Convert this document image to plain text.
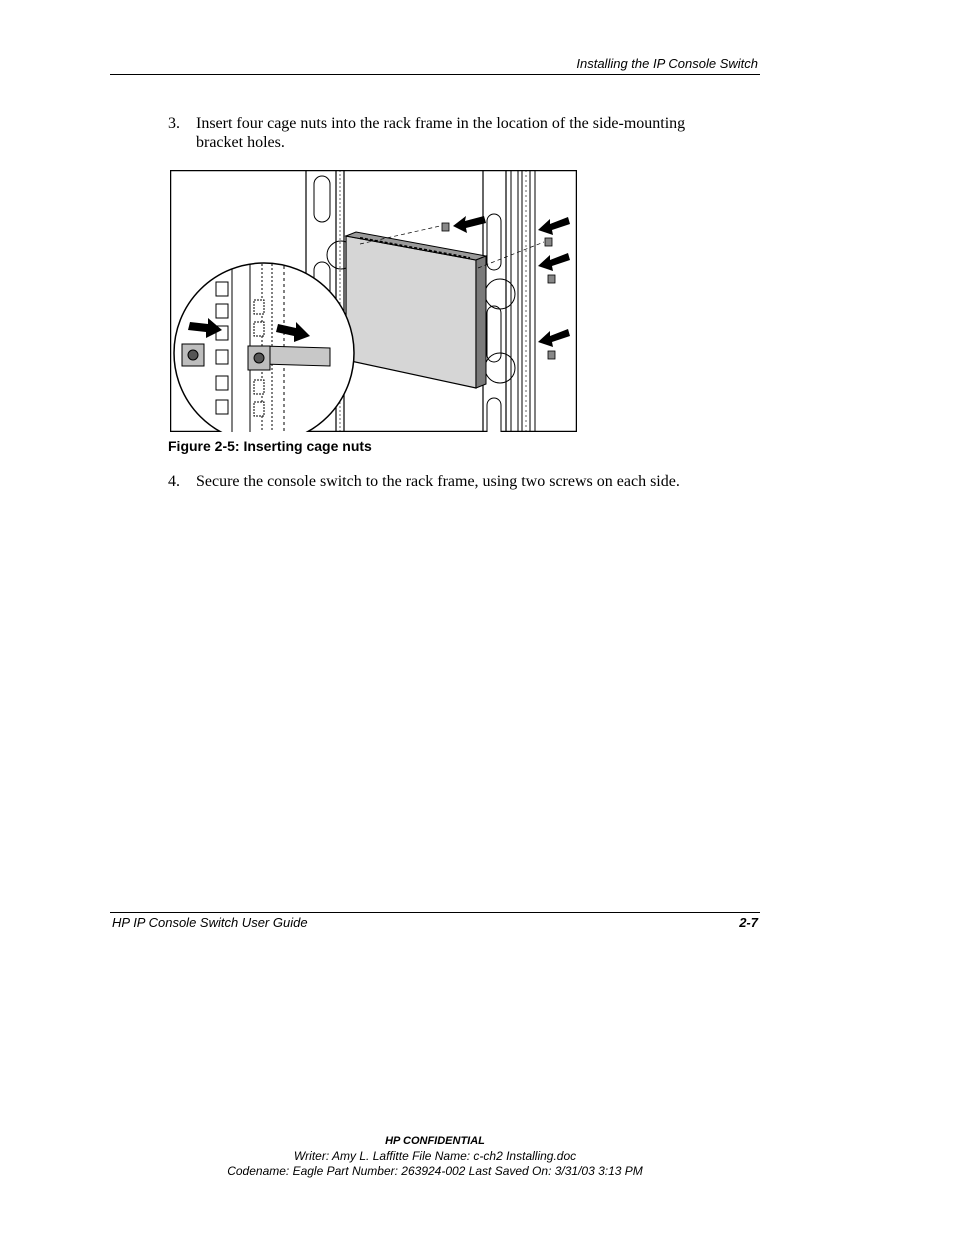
Installing the IP Console Switch
3.	Insert four cage nuts into the rack frame in the location of the side-mounting
bracket holes.
Figure 2-5: Inserting cage nuts
4.	Secure the console switch to the rack frame, using two screws on each side.
HP IP Console Switch User Guide	2-7
HP CONFIDENTIAL
Writer: Amy L. Laffitte File Name: c-ch2 Installing.doc
Codename: Eagle Part Number: 263924-002 Last Saved On: 3/31/03 3:13 PM
